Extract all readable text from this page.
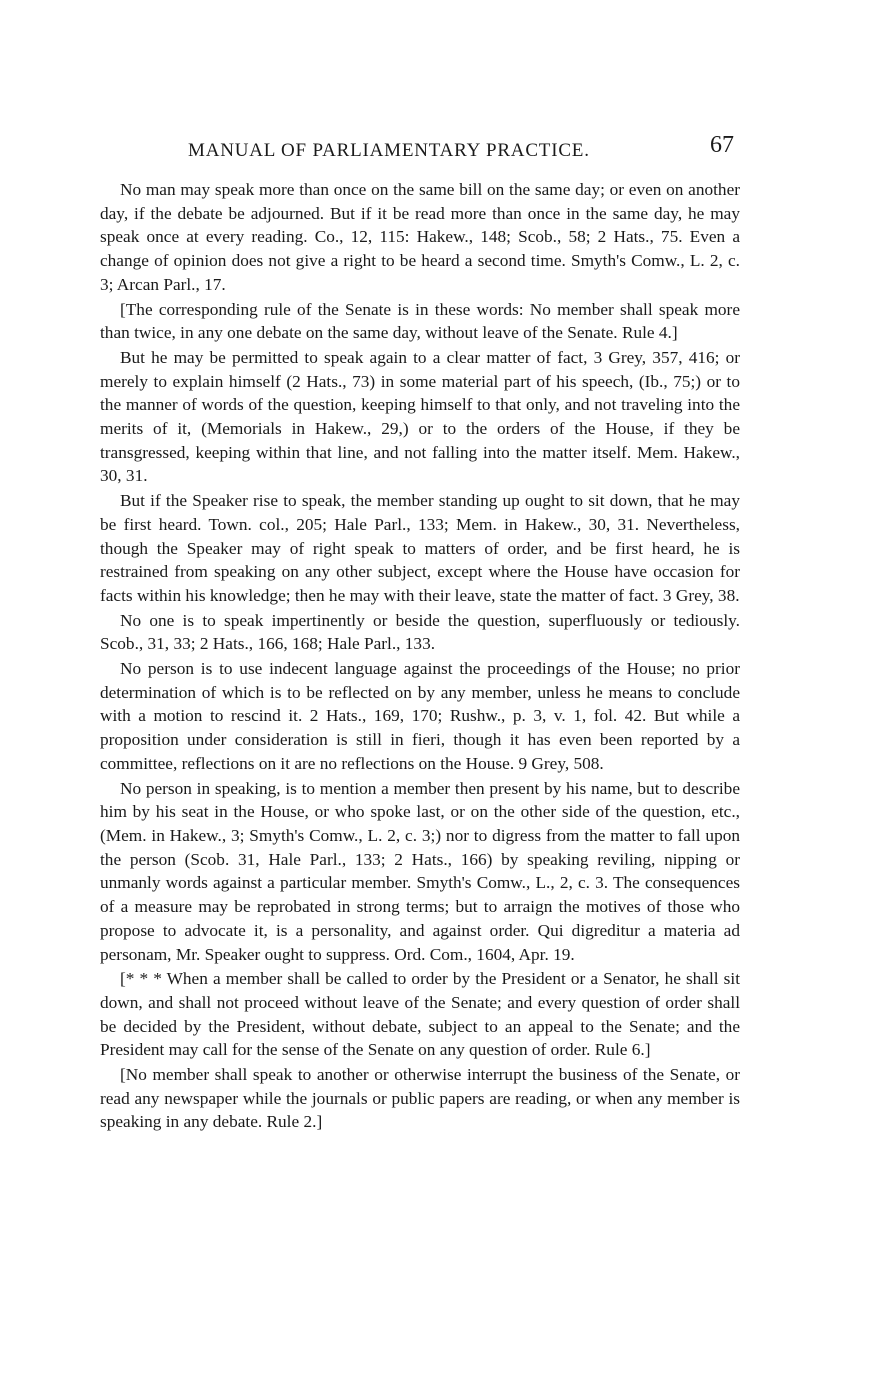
MANUAL OF PARLIAMENTARY PRACTICE.	67

No man may speak more than once on the same bill on the same day; or even on another day, if the debate be adjourned. But if it be read more than once in the same day, he may speak once at every reading. Co., 12, 115: Hakew., 148; Scob., 58; 2 Hats., 75. Even a change of opinion does not give a right to be heard a second time. Smyth's Comw., L. 2, c. 3; Arcan Parl., 17.

[The corresponding rule of the Senate is in these words: No member shall speak more than twice, in any one debate on the same day, without leave of the Senate. Rule 4.]

But he may be permitted to speak again to a clear matter of fact, 3 Grey, 357, 416; or merely to explain himself (2 Hats., 73) in some material part of his speech, (Ib., 75;) or to the manner of words of the question, keeping himself to that only, and not traveling into the merits of it, (Memorials in Hakew., 29,) or to the orders of the House, if they be transgressed, keeping within that line, and not falling into the matter itself. Mem. Hakew., 30, 31.

But if the Speaker rise to speak, the member standing up ought to sit down, that he may be first heard. Town. col., 205; Hale Parl., 133; Mem. in Hakew., 30, 31. Nevertheless, though the Speaker may of right speak to matters of order, and be first heard, he is restrained from speaking on any other subject, except where the House have occasion for facts within his knowledge; then he may with their leave, state the matter of fact. 3 Grey, 38.

No one is to speak impertinently or beside the question, superfluously or tediously. Scob., 31, 33; 2 Hats., 166, 168; Hale Parl., 133.

No person is to use indecent language against the proceedings of the House; no prior determination of which is to be reflected on by any member, unless he means to conclude with a motion to rescind it. 2 Hats., 169, 170; Rushw., p. 3, v. 1, fol. 42. But while a proposition under consideration is still in fieri, though it has even been reported by a committee, reflections on it are no reflections on the House. 9 Grey, 508.

No person in speaking, is to mention a member then present by his name, but to describe him by his seat in the House, or who spoke last, or on the other side of the question, etc., (Mem. in Hakew., 3; Smyth's Comw., L. 2, c. 3;) nor to digress from the matter to fall upon the person (Scob. 31, Hale Parl., 133; 2 Hats., 166) by speaking reviling, nipping or unmanly words against a particular member. Smyth's Comw., L., 2, c. 3. The consequences of a measure may be reprobated in strong terms; but to arraign the motives of those who propose to advocate it, is a personality, and against order. Qui digreditur a materia ad personam, Mr. Speaker ought to suppress. Ord. Com., 1604, Apr. 19.

[* * * When a member shall be called to order by the President or a Senator, he shall sit down, and shall not proceed without leave of the Senate; and every question of order shall be decided by the President, without debate, subject to an appeal to the Senate; and the President may call for the sense of the Senate on any question of order. Rule 6.]

[No member shall speak to another or otherwise interrupt the business of the Senate, or read any newspaper while the journals or public papers are reading, or when any member is speaking in any debate. Rule 2.]
